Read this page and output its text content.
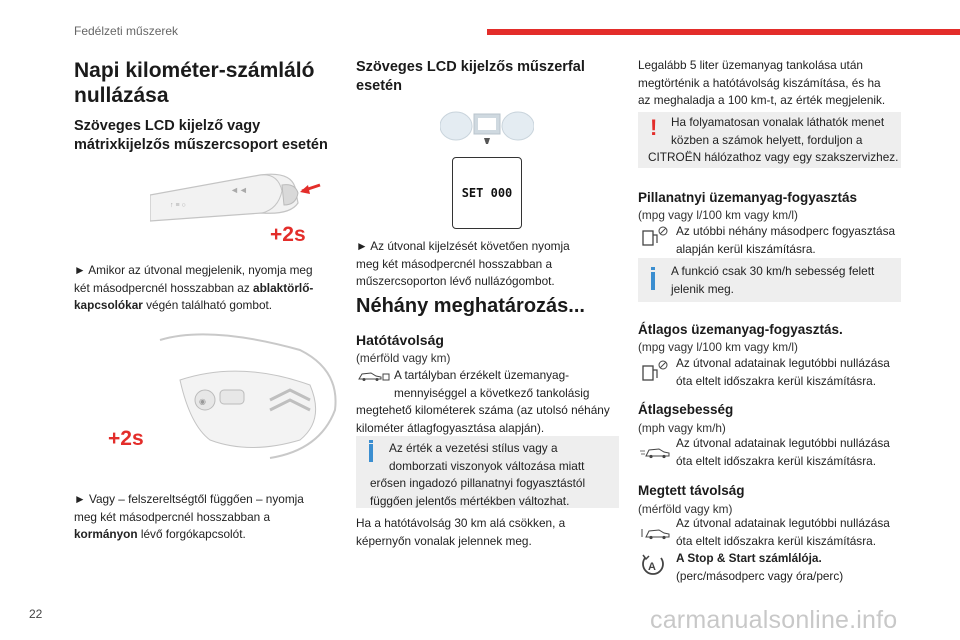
Fedélzeti műszerek
Napi kilométer-számláló
nullázása
Szöveges LCD kijelző vagy
mátrixkijelzős műszercsoport esetén
↑ ≡ ○
◄◄
+2s
► Amikor az útvonal megjelenik, nyomja meg
két másodpercnél hosszabban az ablaktörlő-
kapcsolókar végén található gombot.
◉
+2s
► Vagy – felszereltségtől függően – nyomja
meg két másodpercnél hosszabban a
kormányon lévő forgókapcsolót.
Szöveges LCD kijelzős műszerfal
esetén
SET 000
► Az útvonal kijelzését követően nyomja
meg két másodpercnél hosszabban a
műszercsoporton lévő nullázógombot.
Néhány meghatározás...
Hatótávolság
(mérföld vagy km)
A tartályban érzékelt üzemanyag-
mennyiséggel a következő tankolásig
megtehető kilométerek száma (az utolsó néhány
kilométer átlagfogyasztása alapján).
Az érték a vezetési stílus vagy a
domborzati viszonyok változása miatt
erősen ingadozó pillanatnyi fogyasztástól
függően jelentős mértékben változhat.
Ha a hatótávolság 30 km alá csökken, a
képernyőn vonalak jelennek meg.
Legalább 5 liter üzemanyag tankolása után
megtörténik a hatótávolság kiszámítása, és ha
az meghaladja a 100 km-t, az érték megjelenik.
!	Ha folyamatosan vonalak láthatók menet
közben a számok helyett, forduljon a
CITROËN hálózathoz vagy egy szakszervizhez.
Pillanatnyi üzemanyag-fogyasztás
(mpg vagy l/100 km vagy km/l)
Az utóbbi néhány másodperc fogyasztása
alapján kerül kiszámításra.
A funkció csak 30 km/h sebesség felett
jelenik meg.
Átlagos üzemanyag-fogyasztás.
(mpg vagy l/100 km vagy km/l)
Az útvonal adatainak legutóbbi nullázása
óta eltelt időszakra kerül kiszámításra.
Átlagsebesség
(mph vagy km/h)
Az útvonal adatainak legutóbbi nullázása
óta eltelt időszakra kerül kiszámításra.
Megtett távolság
(mérföld vagy km)
Az útvonal adatainak legutóbbi nullázása
óta eltelt időszakra kerül kiszámításra.
A
A Stop & Start számlálója.
(perc/másodperc vagy óra/perc)
22	carmanualsonline.info
